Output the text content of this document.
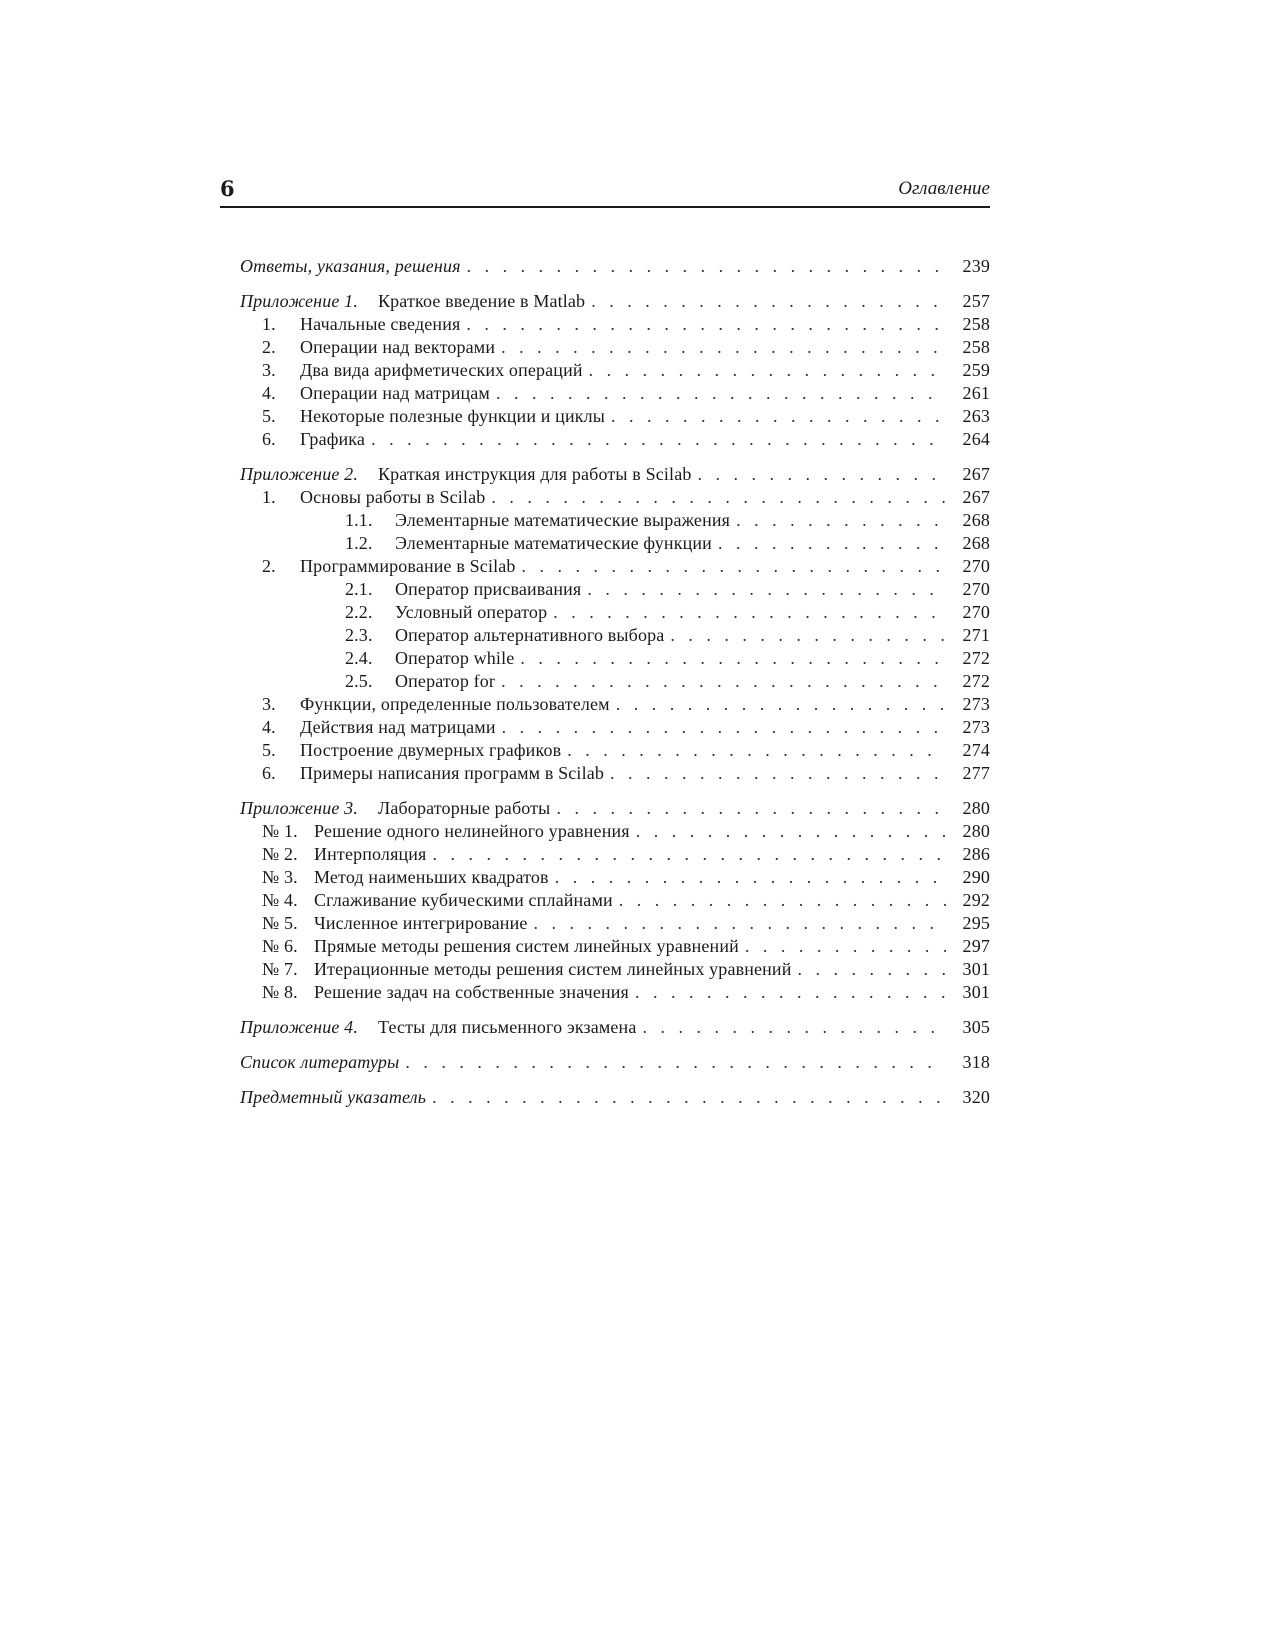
6	Оглавление
Ответы, указания, решения . . .	239
Приложение 1. Краткое введение в Matlab . . .	257
1.	Начальные сведения . . .	258
2.	Операции над векторами . . .	258
3.	Два вида арифметических операций . . .	259
4.	Операции над матрицам . . .	261
5.	Некоторые полезные функции и циклы . . .	263
6.	Графика . . .	264
Приложение 2. Краткая инструкция для работы в Scilab . . .	267
1.	Основы работы в Scilab . . .	267
1.1.	Элементарные математические выражения . . .	268
1.2.	Элементарные математические функции . . .	268
2.	Программирование в Scilab . . .	270
2.1.	Оператор присваивания . . .	270
2.2.	Условный оператор . . .	270
2.3.	Оператор альтернативного выбора . . .	271
2.4.	Оператор while . . .	272
2.5.	Оператор for . . .	272
3.	Функции, определенные пользователем . . .	273
4.	Действия над матрицами . . .	273
5.	Построение двумерных графиков . . .	274
6.	Примеры написания программ в Scilab . . .	277
Приложение 3. Лабораторные работы . . .	280
№ 1. Решение одного нелинейного уравнения . . .	280
№ 2. Интерполяция . . .	286
№ 3. Метод наименьших квадратов . . .	290
№ 4. Сглаживание кубическими сплайнами . . .	292
№ 5. Численное интегрирование . . .	295
№ 6. Прямые методы решения систем линейных уравнений . . .	297
№ 7. Итерационные методы решения систем линейных уравнений . . .	301
№ 8. Решение задач на собственные значения . . .	301
Приложение 4. Тесты для письменного экзамена . . .	305
Список литературы . . .	318
Предметный указатель . . .	320
